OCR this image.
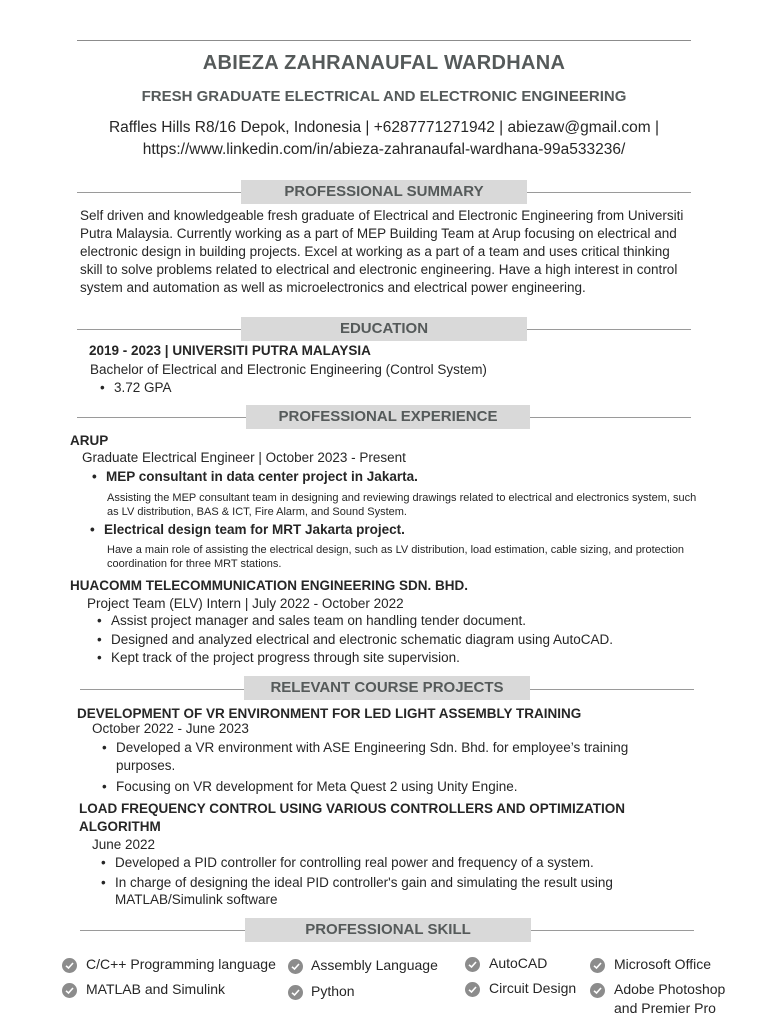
ABIEZA ZAHRANAUFAL WARDHANA
FRESH GRADUATE ELECTRICAL AND ELECTRONIC ENGINEERING
Raffles Hills R8/16 Depok, Indonesia | +6287771271942 | abiezaw@gmail.com |
https://www.linkedin.com/in/abieza-zahranaufal-wardhana-99a533236/
PROFESSIONAL SUMMARY
Self driven and knowledgeable fresh graduate of Electrical and Electronic Engineering from Universiti Putra Malaysia. Currently working as a part of MEP Building Team at Arup focusing on electrical and electronic design in building projects. Excel at working as a part of a team and uses critical thinking skill to solve problems related to electrical and electronic engineering. Have a high interest in control system and automation as well as microelectronics and electrical power engineering.
EDUCATION
2019 - 2023 | UNIVERSITI PUTRA MALAYSIA
Bachelor of Electrical and Electronic Engineering (Control System)
• 3.72 GPA
PROFESSIONAL EXPERIENCE
ARUP
Graduate Electrical Engineer | October 2023 - Present
• MEP consultant in data center project in Jakarta.
Assisting the MEP consultant team in designing and reviewing drawings related to electrical and electronics system, such as LV distribution, BAS & ICT, Fire Alarm, and Sound System.
• Electrical design team for MRT Jakarta project.
Have a main role of assisting the electrical design, such as LV distribution, load estimation, cable sizing, and protection coordination for three MRT stations.
HUACOMM TELECOMMUNICATION ENGINEERING SDN. BHD.
Project Team (ELV) Intern | July 2022 - October 2022
• Assist project manager and sales team on handling tender document.
• Designed and analyzed electrical and electronic schematic diagram using AutoCAD.
• Kept track of the project progress through site supervision.
RELEVANT COURSE PROJECTS
DEVELOPMENT OF VR ENVIRONMENT FOR LED LIGHT ASSEMBLY TRAINING
October 2022 - June 2023
• Developed a VR environment with ASE Engineering Sdn. Bhd. for employee’s training
purposes.
• Focusing on VR development for Meta Quest 2 using Unity Engine.
LOAD FREQUENCY CONTROL USING VARIOUS CONTROLLERS AND OPTIMIZATION
ALGORITHM
June 2022
• Developed a PID controller for controlling real power and frequency of a system.
• In charge of designing the ideal PID controller's gain and simulating the result using
MATLAB/Simulink software
PROFESSIONAL SKILL
C/C++ Programming language	Assembly Language	AutoCAD	Microsoft Office
MATLAB and Simulink	Python	Circuit Design	Adobe Photoshop
and Premier Pro
